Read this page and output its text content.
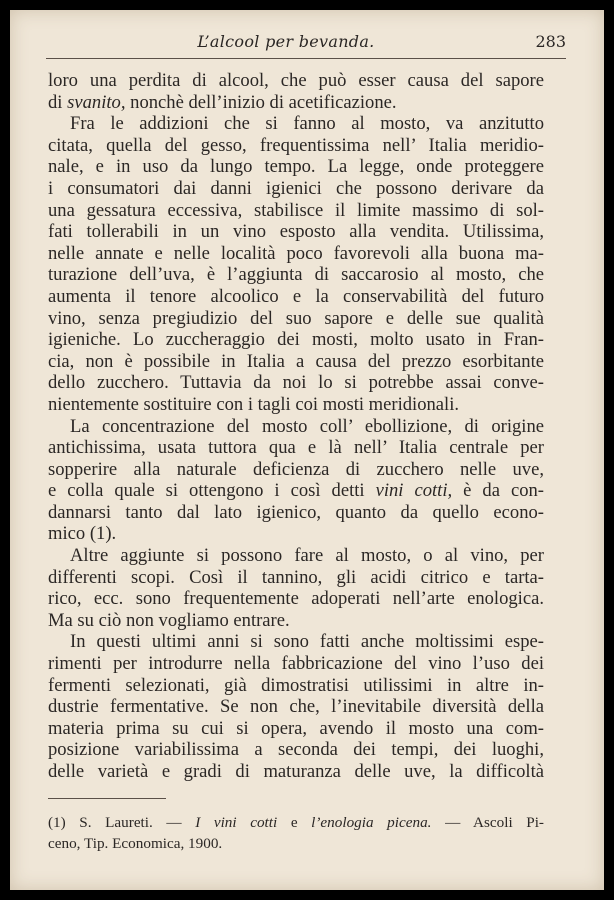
L’alcool per bevanda.	283
loro una perdita di alcool, che può esser causa del sapore
di svanito, nonchè dell’inizio di acetificazione.
Fra le addizioni che si fanno al mosto, va anzitutto
citata, quella del gesso, frequentissima nell’ Italia meridio-
nale, e in uso da lungo tempo. La legge, onde proteggere
i consumatori dai danni igienici che possono derivare da
una gessatura eccessiva, stabilisce il limite massimo di sol-
fati tollerabili in un vino esposto alla vendita. Utilissima,
nelle annate e nelle località poco favorevoli alla buona ma-
turazione dell’uva, è l’aggiunta di saccarosio al mosto, che
aumenta il tenore alcoolico e la conservabilità del futuro
vino, senza pregiudizio del suo sapore e delle sue qualità
igieniche. Lo zuccheraggio dei mosti, molto usato in Fran-
cia, non è possibile in Italia a causa del prezzo esorbitante
dello zucchero. Tuttavia da noi lo si potrebbe assai conve-
nientemente sostituire con i tagli coi mosti meridionali.
La concentrazione del mosto coll’ ebollizione, di origine
antichissima, usata tuttora qua e là nell’ Italia centrale per
sopperire alla naturale deficienza di zucchero nelle uve,
e colla quale si ottengono i così detti vini cotti, è da con-
dannarsi tanto dal lato igienico, quanto da quello econo-
mico (1).
Altre aggiunte si possono fare al mosto, o al vino, per
differenti scopi. Così il tannino, gli acidi citrico e tarta-
rico, ecc. sono frequentemente adoperati nell’arte enologica.
Ma su ciò non vogliamo entrare.
In questi ultimi anni si sono fatti anche moltissimi espe-
rimenti per introdurre nella fabbricazione del vino l’uso dei
fermenti selezionati, già dimostratisi utilissimi in altre in-
dustrie fermentative. Se non che, l’inevitabile diversità della
materia prima su cui si opera, avendo il mosto una com-
posizione variabilissima a seconda dei tempi, dei luoghi,
delle varietà e gradi di maturanza delle uve, la difficoltà
(1) S. Laureti. — I vini cotti e l’enologia picena. — Ascoli Pi-
ceno, Tip. Economica, 1900.
